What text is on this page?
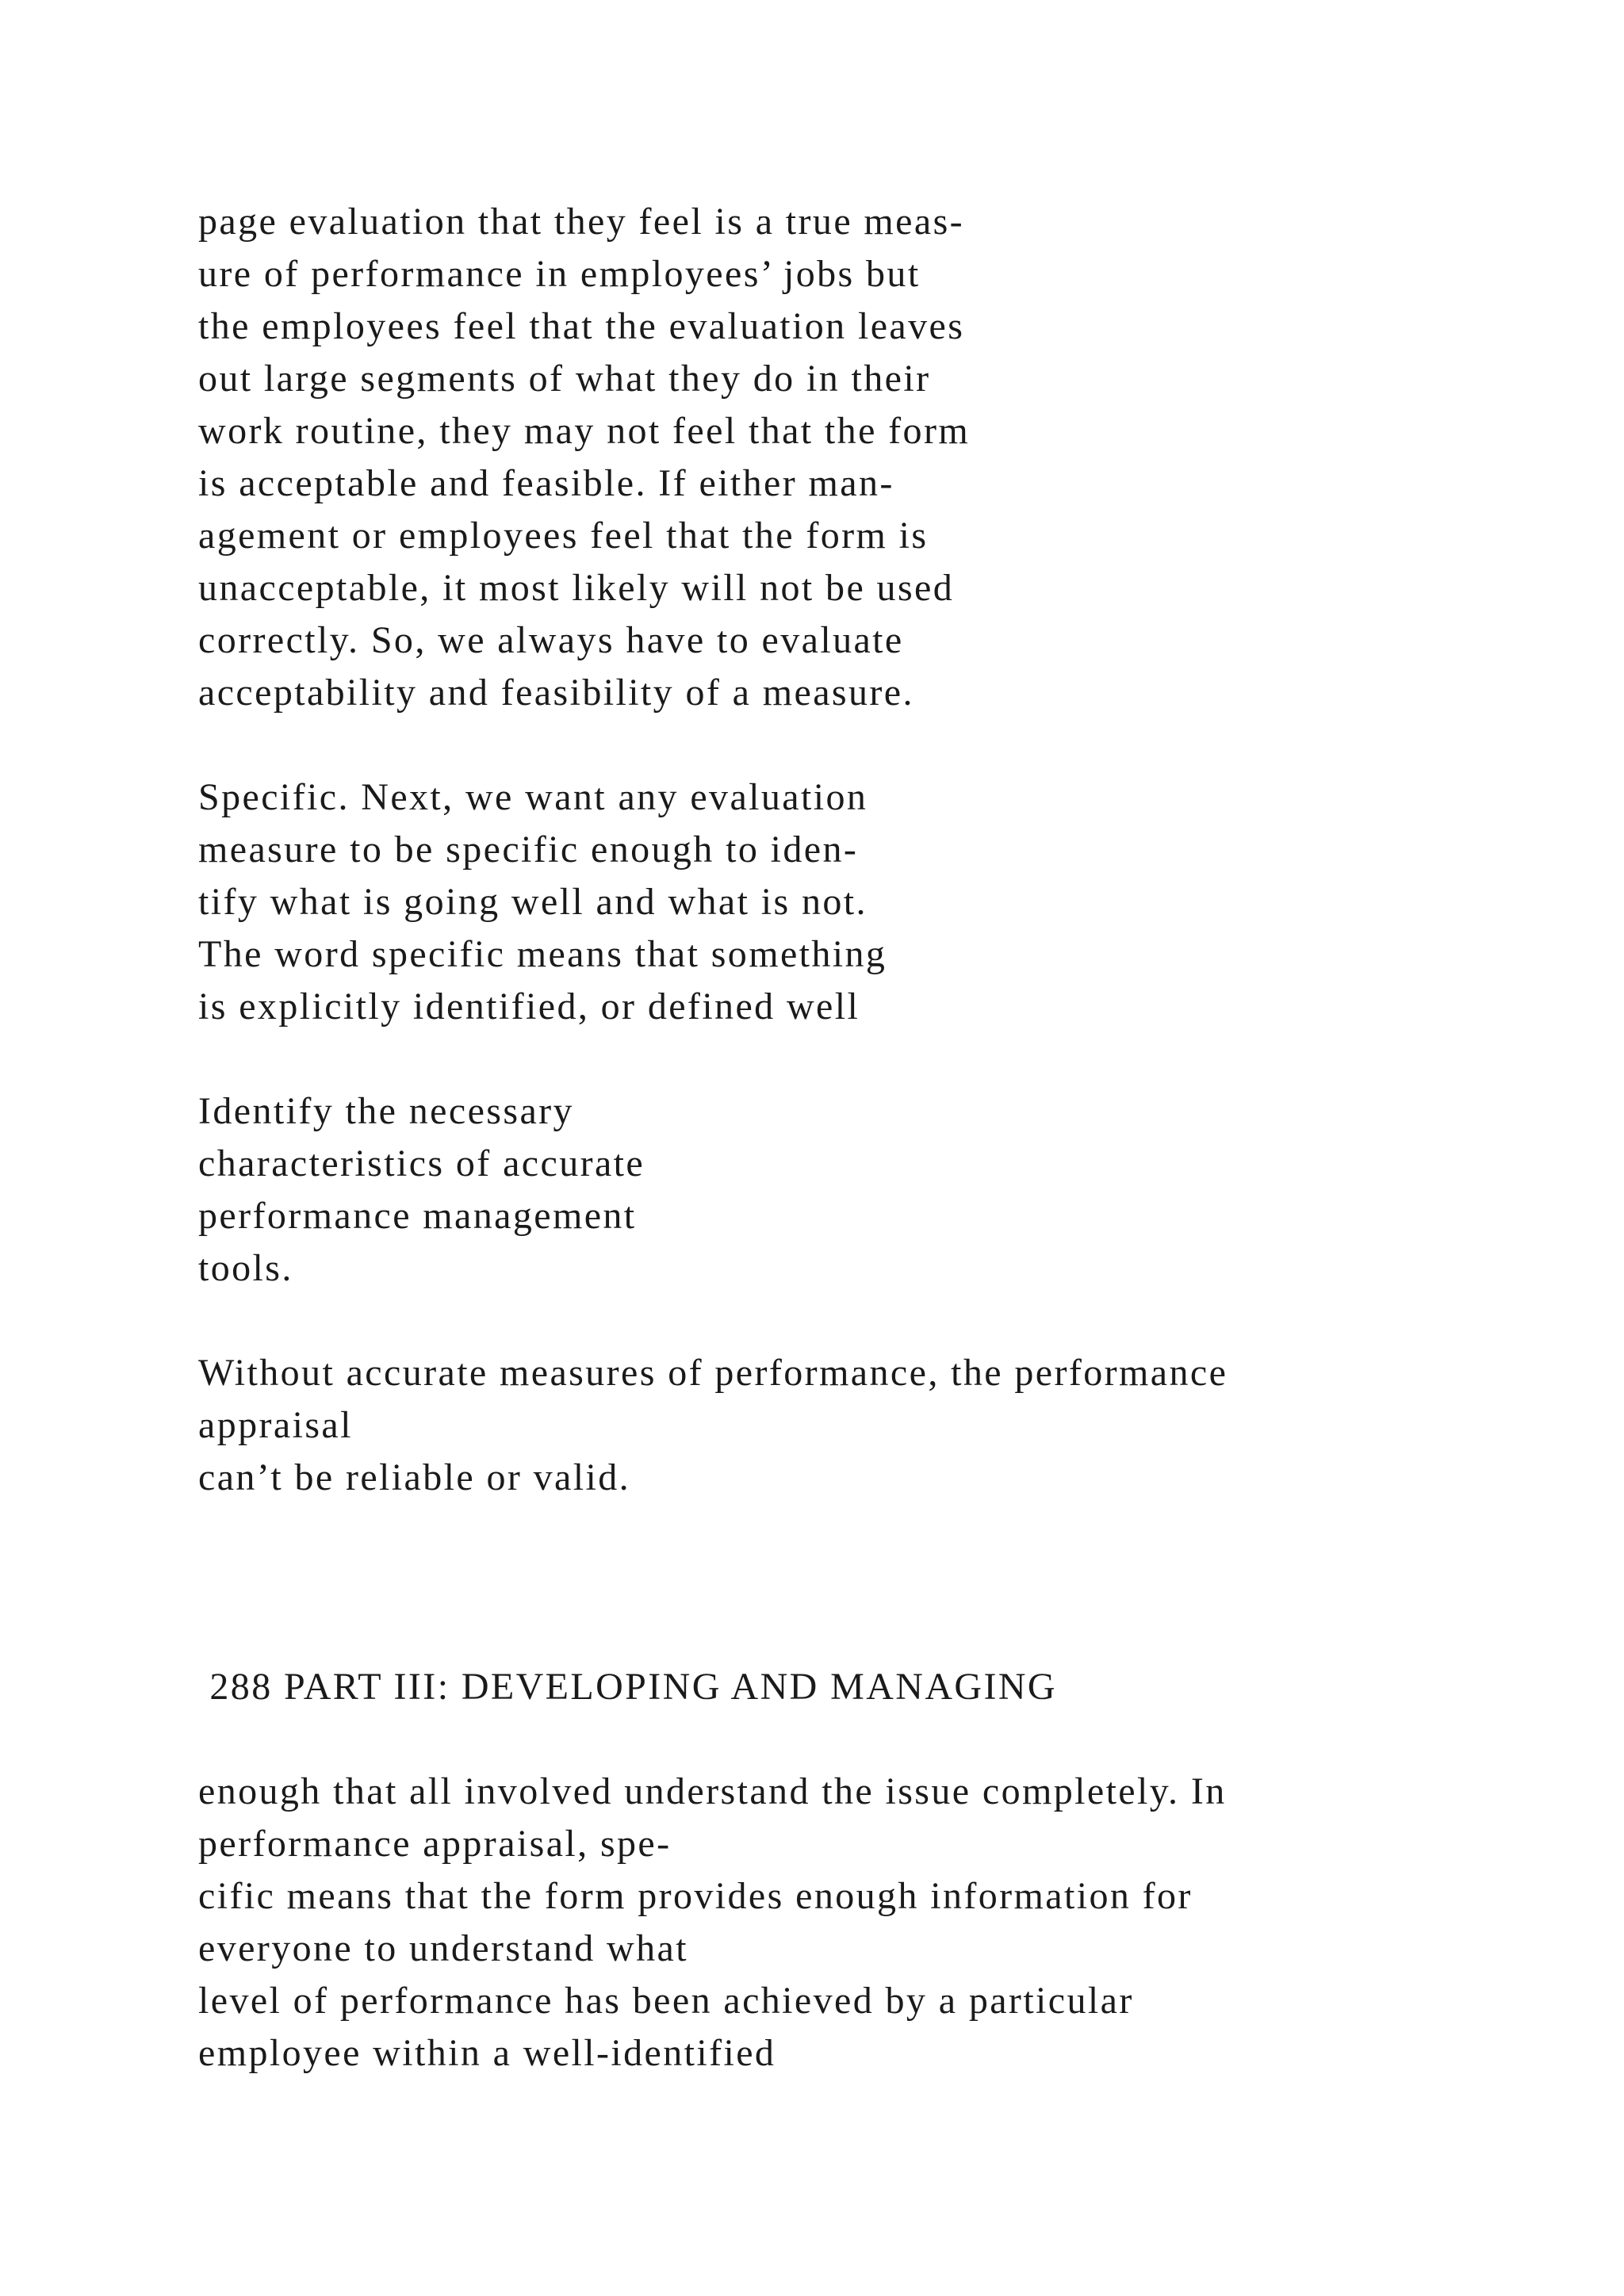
page evaluation that they feel is a true meas-
ure of performance in employees’ jobs but
the employees feel that the evaluation leaves
out large segments of what they do in their
work routine, they may not feel that the form
is acceptable and feasible. If either man-
agement or employees feel that the form is
unacceptable, it most likely will not be used
correctly. So, we always have to evaluate
acceptability and feasibility of a measure.
Specific. Next, we want any evaluation
measure to be specific enough to iden-
tify what is going well and what is not.
The word specific means that something
is explicitly identified, or defined well
Identify the necessary
characteristics of accurate
performance management
tools.
Without accurate measures of performance, the performance
appraisal
can’t be reliable or valid.
288 PART III: DEVELOPING AND MANAGING
enough that all involved understand the issue completely. In
performance appraisal, spe-
cific means that the form provides enough information for
everyone to understand what
level of performance has been achieved by a particular
employee within a well-identified
